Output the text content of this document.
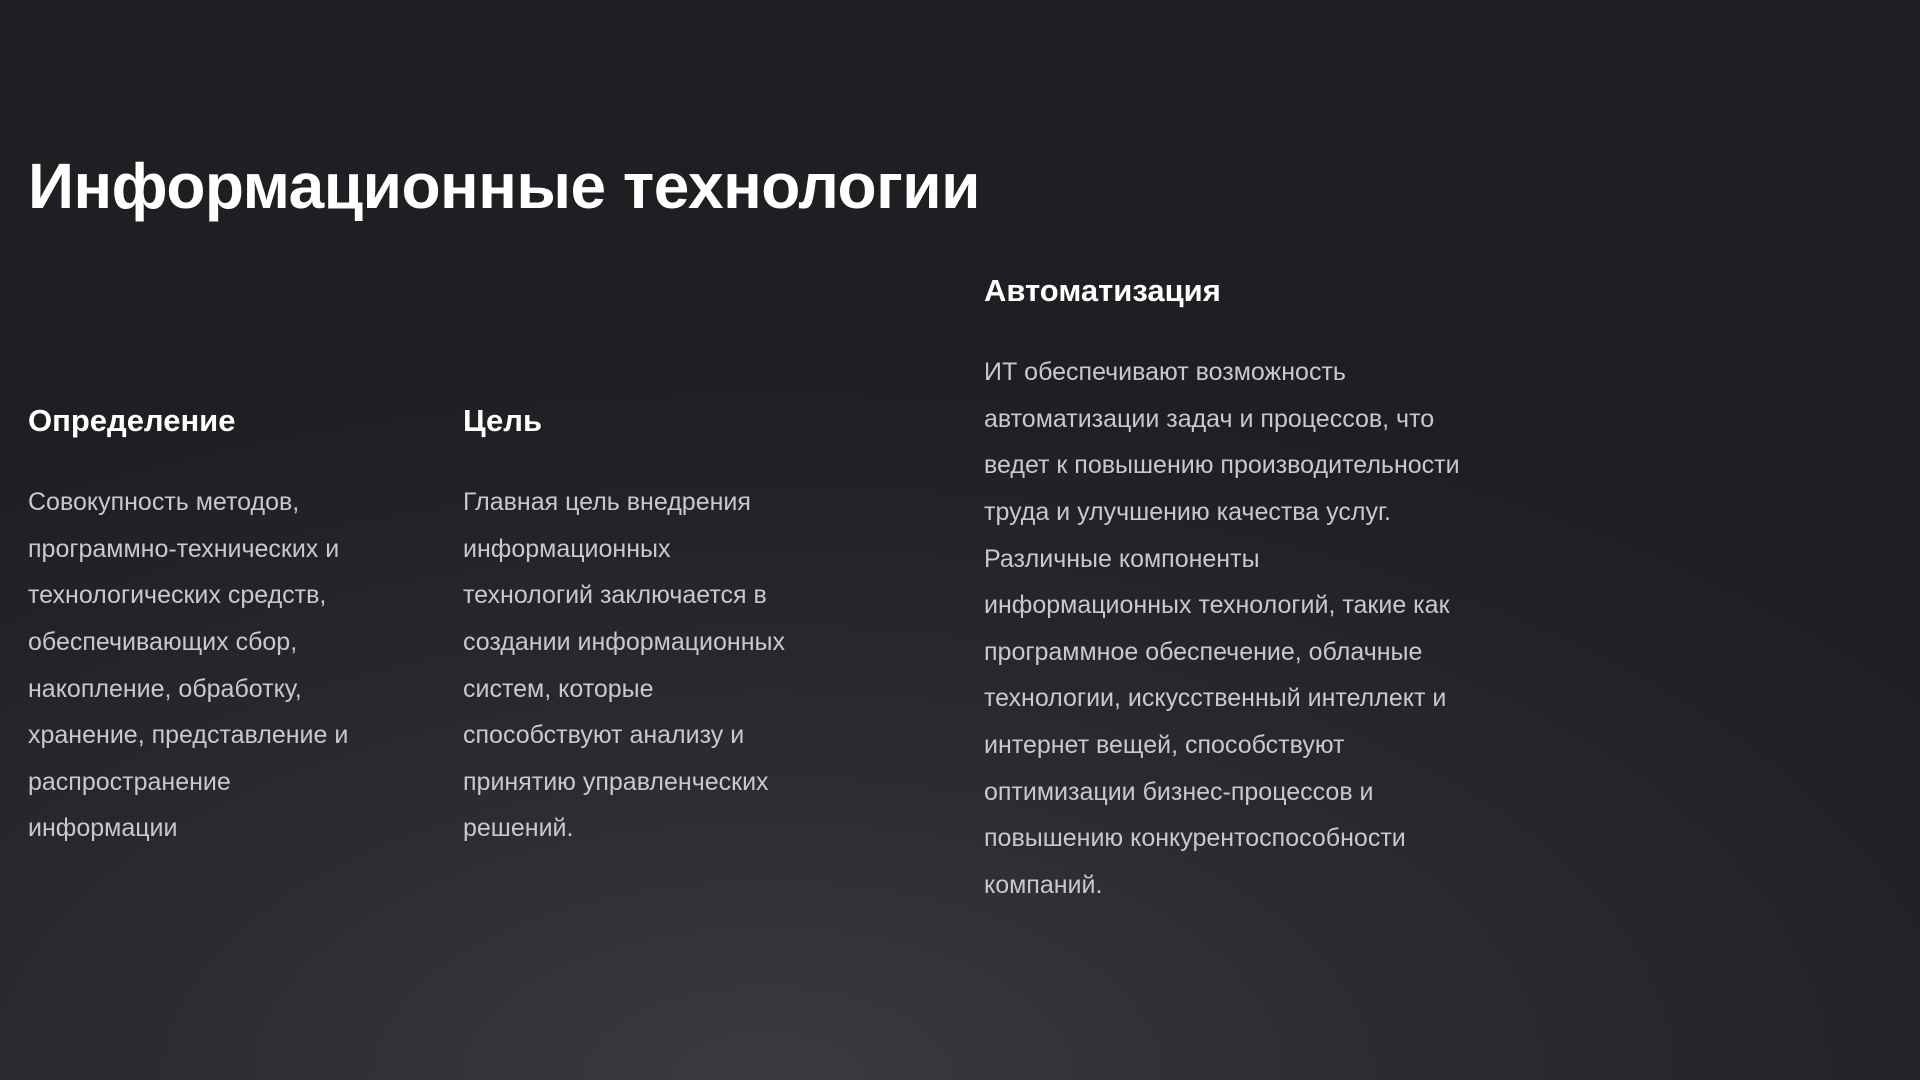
Информационные технологии
Определение

Совокупность методов, программно-технических и технологических средств, обеспечивающих сбор, накопление, обработку, хранение, представление и распространение информации

Цель

Главная цель внедрения информационных технологий заключается в создании информационных систем, которые способствуют анализу и принятию управленческих решений.

Автоматизация

ИТ обеспечивают возможность автоматизации задач и процессов, что ведет к повышению производительности труда и улучшению качества услуг. Различные компоненты информационных технологий, такие как программное обеспечение, облачные технологии, искусственный интеллект и интернет вещей, способствуют оптимизации бизнес-процессов и повышению конкурентоспособности компаний.
